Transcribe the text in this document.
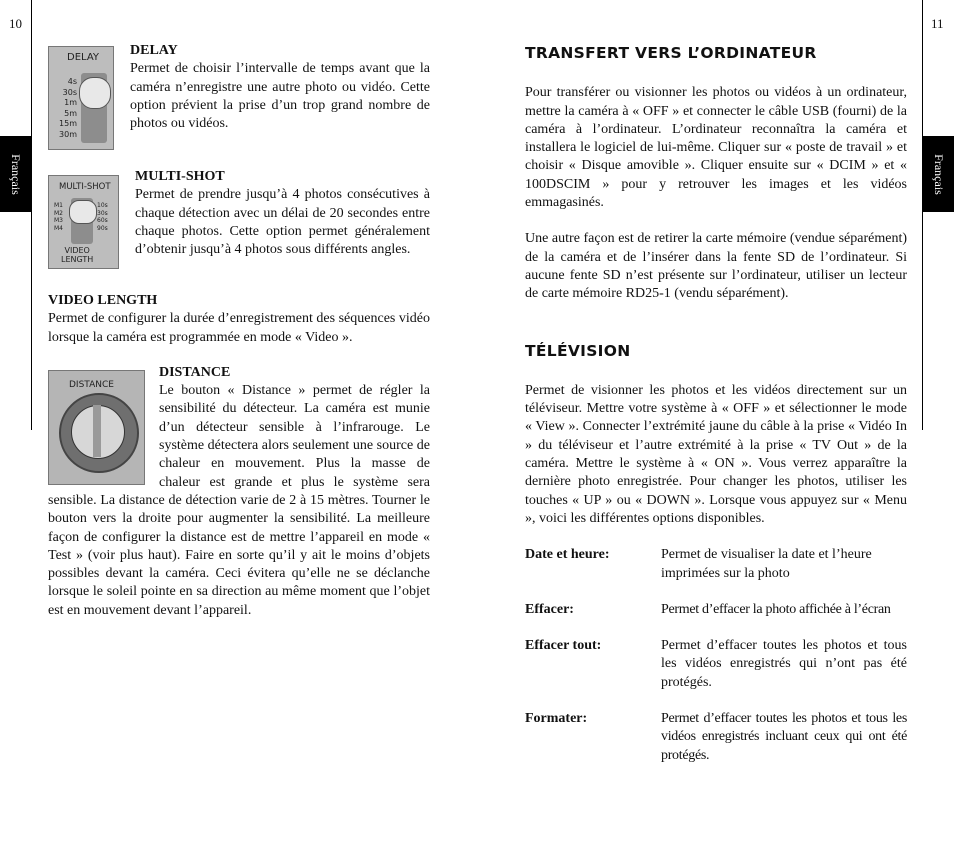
10	11
Français	Français
DELAY
4s
30s
1m
5m
15m
30m
DELAY
Permet de choisir l’intervalle de temps avant que la caméra n’enregistre une autre photo ou vidéo. Cette option prévient la prise d’un trop grand nombre de photos ou vidéos.
MULTI-SHOT
M1
M2
M3
M4
10s
30s
60s
90s
VIDEO
LENGTH
MULTI-SHOT
Permet de prendre jusqu’à 4 photos consécutives à chaque détection avec un délai de 20 secondes entre chaque photos. Cette option permet généralement d’obtenir jusqu’à 4 photos sous différents angles.
VIDEO LENGTH
Permet de configurer la durée d’enregistrement des séquences vidéo lorsque la caméra est programmée en mode « Video ».
DISTANCE
DISTANCE
Le bouton « Distance » permet de régler la sensibilité du détecteur. La caméra est munie d’un détecteur sensible à l’infrarouge. Le système détectera alors seulement une source de chaleur en mouvement. Plus la masse de chaleur est grande et plus le système sera sensible. La distance de détection varie de 2 à 15 mètres. Tourner le bouton vers la droite pour augmenter la sensibilité. La meilleure façon de configurer la distance est de mettre l’appareil en mode « Test » (voir plus haut). Faire en sorte qu’il y ait le moins d’objets possibles devant la caméra. Ceci évitera qu’elle ne se déclanche lorsque le soleil pointe en sa direction au même moment que l’objet est en mouvement devant l’appareil.
TRANSFERT VERS L’ORDINATEUR

Pour transférer ou visionner les photos ou vidéos à un ordinateur, mettre la caméra à « OFF » et connecter le câble USB (fourni) de la caméra à l’ordinateur. L’ordinateur reconnaîtra la caméra et installera le logiciel de lui-même. Cliquer sur « poste de travail » et choisir « Disque amovible ». Cliquer ensuite sur « DCIM » et « 100DSCIM » pour y retrouver les images et les vidéos emmagasinés.

Une autre façon est de retirer la carte mémoire (vendue séparément) de la caméra et de l’insérer dans la fente SD de l’ordinateur. Si aucune fente SD n’est présente sur l’ordinateur, utiliser un lecteur de carte mémoire RD25-1 (vendu séparément).

TÉLÉVISION

Permet de visionner les photos et les vidéos directement sur un téléviseur. Mettre votre système à « OFF » et sélectionner le mode « View ». Connecter l’extrémité jaune du câble à la prise « Vidéo In » du téléviseur et l’autre extrémité à la prise « TV Out » de la caméra. Mettre le système à « ON ». Vous verrez apparaître la dernière photo enregistrée. Pour changer les photos, utiliser les touches « UP » ou « DOWN ». Lorsque vous appuyez sur « Menu », voici les différentes options disponibles.

Date et heure:	Permet de visualiser la date et l’heure imprimées sur la photo
Effacer:	Permet d’effacer la photo affichée à l’écran
Effacer tout:	Permet d’effacer toutes les photos et tous les vidéos enregistrés qui n’ont pas été protégés.
Formater:	Permet d’effacer toutes les photos et tous les vidéos enregistrés incluant ceux qui ont été protégés.
